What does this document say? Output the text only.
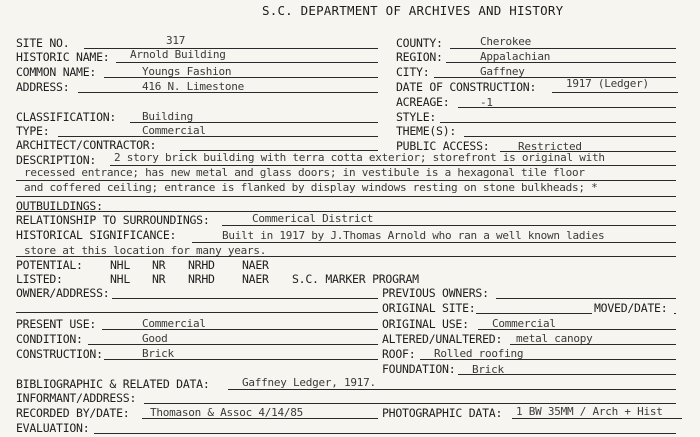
S.C. DEPARTMENT OF ARCHIVES AND HISTORY
SITE NO.	317	COUNTY:	Cherokee
HISTORIC NAME: Arnold Building	REGION:	Appalachian
COMMON NAME:	Youngs Fashion	CITY:	Gaffney
ADDRESS:	416 N. Limestone	DATE OF CONSTRUCTION:	1917 (Ledger)
ACREAGE:	-1
CLASSIFICATION: Building	STYLE:
TYPE:	Commercial	THEME(S):
ARCHITECT/CONTRACTOR:	PUBLIC ACCESS:	Restricted
DESCRIPTION: 2 story brick building with terra cotta exterior; storefront is original with
recessed entrance; has new metal and glass doors; in vestibule is a hexagonal tile floor
and coffered ceiling; entrance is flanked by display windows resting on stone bulkheads; *
OUTBUILDINGS:
RELATIONSHIP TO SURROUNDINGS:	Commerical District
HISTORICAL SIGNIFICANCE:	Built in 1917 by J.Thomas Arnold who ran a well known ladies
store at this location for many years.
POTENTIAL: NHL NR NRHD NAER
LISTED:	NHL NR NRHD NAER S.C. MARKER PROGRAM
OWNER/ADDRESS:	PREVIOUS OWNERS:
ORIGINAL SITE:	MOVED/DATE:
PRESENT USE:	Commercial	ORIGINAL USE: Commercial
CONDITION:	Good	ALTERED/UNALTERED: metal canopy
CONSTRUCTION:	Brick	ROOF: Rolled roofing
FOUNDATION: Brick
BIBLIOGRAPHIC & RELATED DATA:	Gaffney Ledger, 1917.
INFORMANT/ADDRESS:
RECORDED BY/DATE: Thomason & Assoc 4/14/85	PHOTOGRAPHIC DATA: 1 BW 35MM / Arch + Hist
EVALUATION:
